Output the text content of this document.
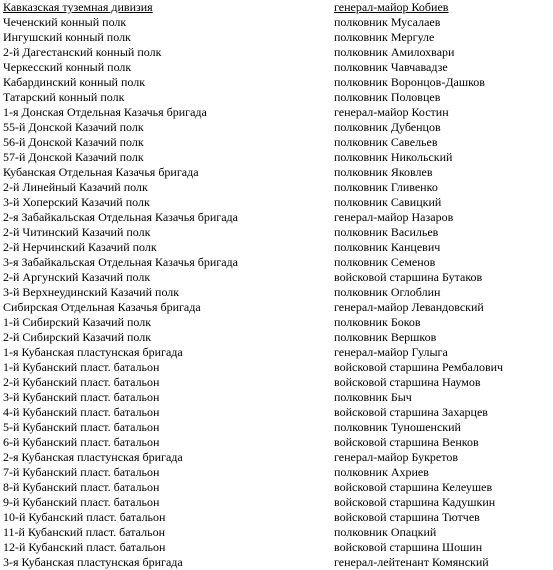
Кавказская туземная дивизия	генерал-майор Кобиев
Чеченский конный полк	полковник Мусалаев
Ингушский конный полк	полковник Мергуле
2-й Дагестанский конный полк	полковник Амилохвари
Черкесский конный полк	полковник Чавчавадзе
Кабардинский конный полк	полковник Воронцов-Дашков
Татарский конный полк	полковник Половцев
1-я Донская Отдельная Казачья бригада	генерал-майор Костин
55-й Донской Казачий полк	полковник Дубенцов
56-й Донской Казачий полк	полковник Савельев
57-й Донской Казачий полк	полковник Никольский
Кубанская Отдельная Казачья бригада	полковник Яковлев
2-й Линейный Казачий полк	полковник Гливенко
3-й Хоперский Казачий полк	полковник Савицкий
2-я Забайкальская Отдельная Казачья бригада	генерал-майор Назаров
2-й Читинский Казачий полк	полковник Васильев
2-й Нерчинский Казачий полк	полковник Канцевич
3-я Забайкальская Отдельная Казачья бригада	полковник Семенов
2-й Аргунский Казачий полк	войсковой старшина Бутаков
3-й Верхнеудинский Казачий полк	полковник Оглоблин
Сибирская Отдельная Казачья бригада	генерал-майор Левандовский
1-й Сибирский Казачий полк	полковник Боков
2-й Сибирский Казачий полк	полковник Вершков
1-я Кубанская пластунская бригада	генерал-майор Гулыга
1-й Кубанский пласт. батальон	войсковой старшина Рембалович
2-й Кубанский пласт. батальон	войсковой старшина Наумов
3-й Кубанский пласт. батальон	полковник Быч
4-й Кубанский пласт. батальон	войсковой старшина Захарцев
5-й Кубанский пласт. батальон	полковник Туношенский
6-й Кубанский пласт. батальон	войсковой старшина Венков
2-я Кубанская пластунская бригада	генерал-майор Букретов
7-й Кубанский пласт. батальон	полковник Ахриев
8-й Кубанский пласт. батальон	войсковой старшина Келеушев
9-й Кубанский пласт. батальон	войсковой старшина Кадушкин
10-й Кубанский пласт. батальон	войсковой старшина Тютчев
11-й Кубанский пласт. батальон	полковник Опацкий
12-й Кубанский пласт. батальон	войсковой старшина Шошин
3-я Кубанская пластунская бригада	генерал-лейтенант Комянский
